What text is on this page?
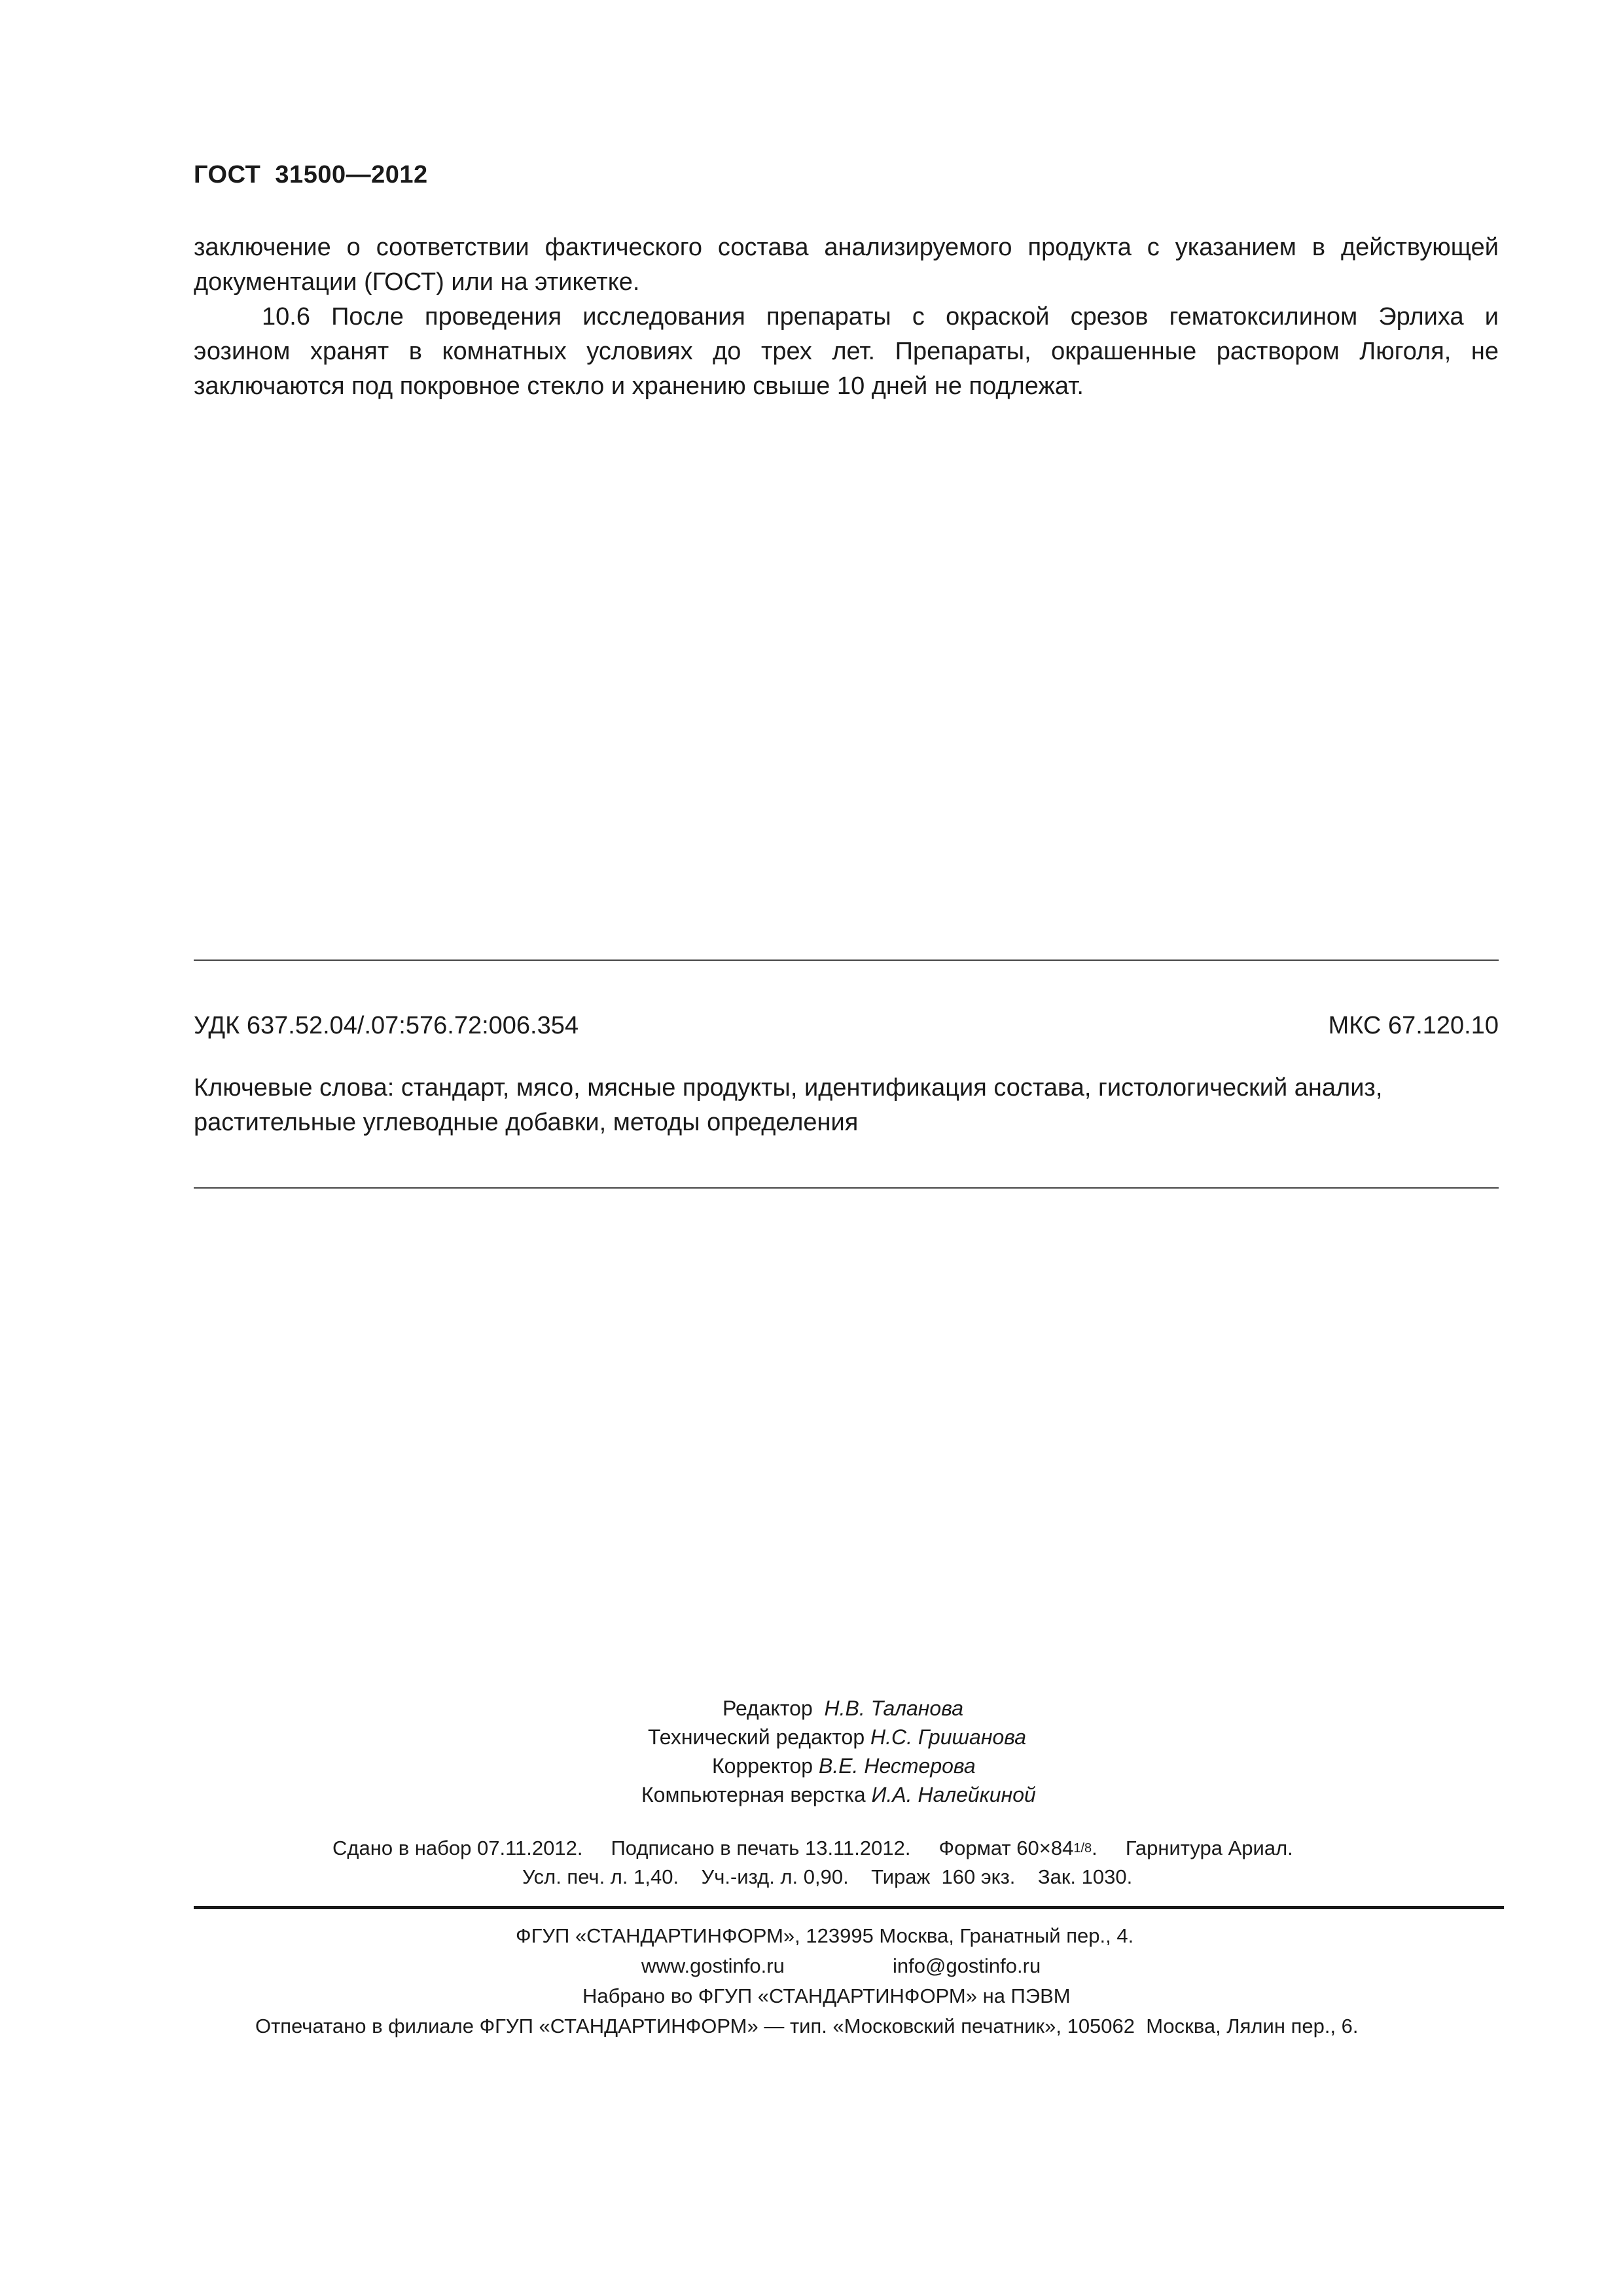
ГОСТ  31500—2012
заключение о соответствии фактического состава анализируемого продукта с указанием в действующей
документации (ГОСТ) или на этикетке.
10.6 После проведения исследования препараты с окраской срезов гематоксилином Эрлиха и
эозином хранят в комнатных условиях до трех лет. Препараты, окрашенные раствором Люголя, не
заключаются под покровное стекло и хранению свыше 10 дней не подлежат.
УДК 637.52.04/.07:576.72:006.354	МКС 67.120.10
Ключевые слова: стандарт, мясо, мясные продукты, идентификация состава, гистологический анализ,
растительные углеводные добавки, методы определения
Редактор Н.В. Таланова
Технический редактор Н.С. Гришанова
Корректор В.Е. Нестерова
Компьютерная верстка И.А. Налейкиной
Сдано в набор 07.11.2012.     Подписано в печать 13.11.2012.     Формат 60×841/8.     Гарнитура Ариал.
Усл. печ. л. 1,40.    Уч.-изд. л. 0,90.    Тираж  160 экз.    Зак. 1030.
ФГУП «СТАНДАРТИНФОРМ», 123995 Москва, Гранатный пер., 4.
www.gostinfo.ru	info@gostinfo.ru
Набрано во ФГУП «СТАНДАРТИНФОРМ» на ПЭВМ
Отпечатано в филиале ФГУП «СТАНДАРТИНФОРМ» — тип. «Московский печатник», 105062  Москва, Лялин пер., 6.
